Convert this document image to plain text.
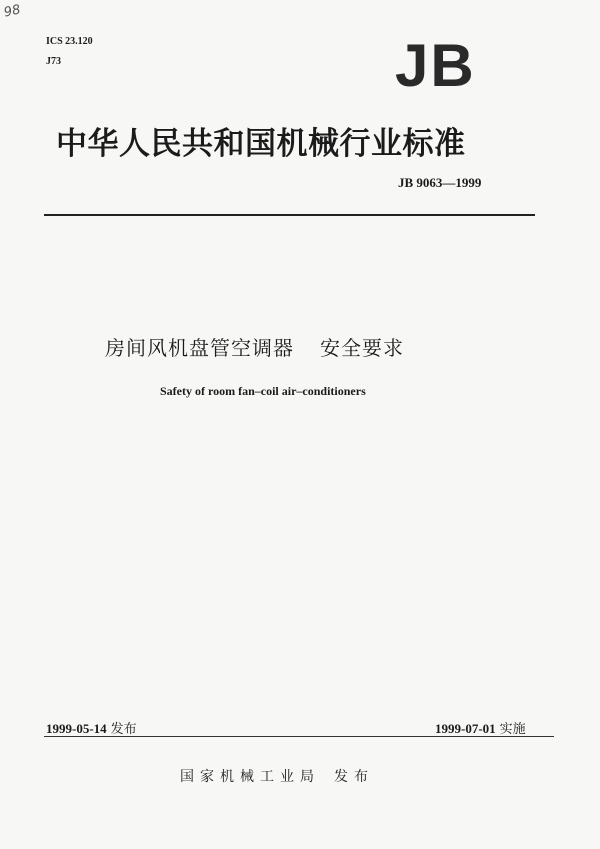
98
ICS 23.120
J73	JB
中华人民共和国机械行业标准
JB 9063—1999
房间风机盘管空调器 安全要求
Safety of room fan–coil air–conditioners
1999-05-14 发布	1999-07-01 实施
国家机械工业局 发布
